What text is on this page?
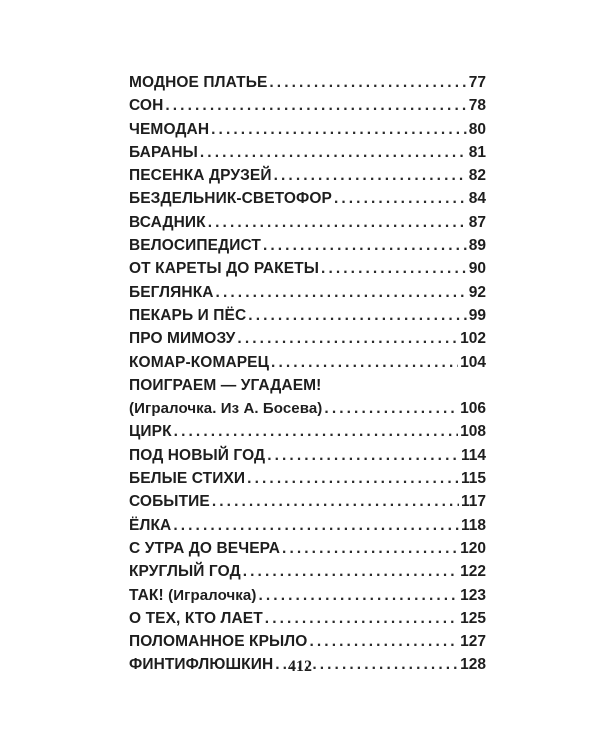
МОДНОЕ ПЛАТЬЕ . . .	77
СОН . . .	78
ЧЕМОДАН . . .	80
БАРАНЫ . . .	81
ПЕСЕНКА ДРУЗЕЙ . . .	82
БЕЗДЕЛЬНИК-СВЕТОФОР . . .	84
ВСАДНИК . . .	87
ВЕЛОСИПЕДИСТ . . .	89
ОТ КАРЕТЫ ДО РАКЕТЫ . . .	90
БЕГЛЯНКА . . .	92
ПЕКАРЬ И ПЁС . . .	99
ПРО МИМОЗУ . . .	102
КОМАР-КОМАРЕЦ . . .	104
ПОИГРАЕМ — УГАДАЕМ!
(Игралочка. Из А. Босева) . . .	106
ЦИРК . . .	108
ПОД НОВЫЙ ГОД . . .	114
БЕЛЫЕ СТИХИ . . .	115
СОБЫТИЕ . . .	117
ЁЛКА . . .	118
С УТРА ДО ВЕЧЕРА . . .	120
КРУГЛЫЙ ГОД . . .	122
ТАК! (Игралочка) . . .	123
О ТЕХ, КТО ЛАЕТ . . .	125
ПОЛОМАННОЕ КРЫЛО . . .	127
ФИНТИФЛЮШКИН . . .	128
412
